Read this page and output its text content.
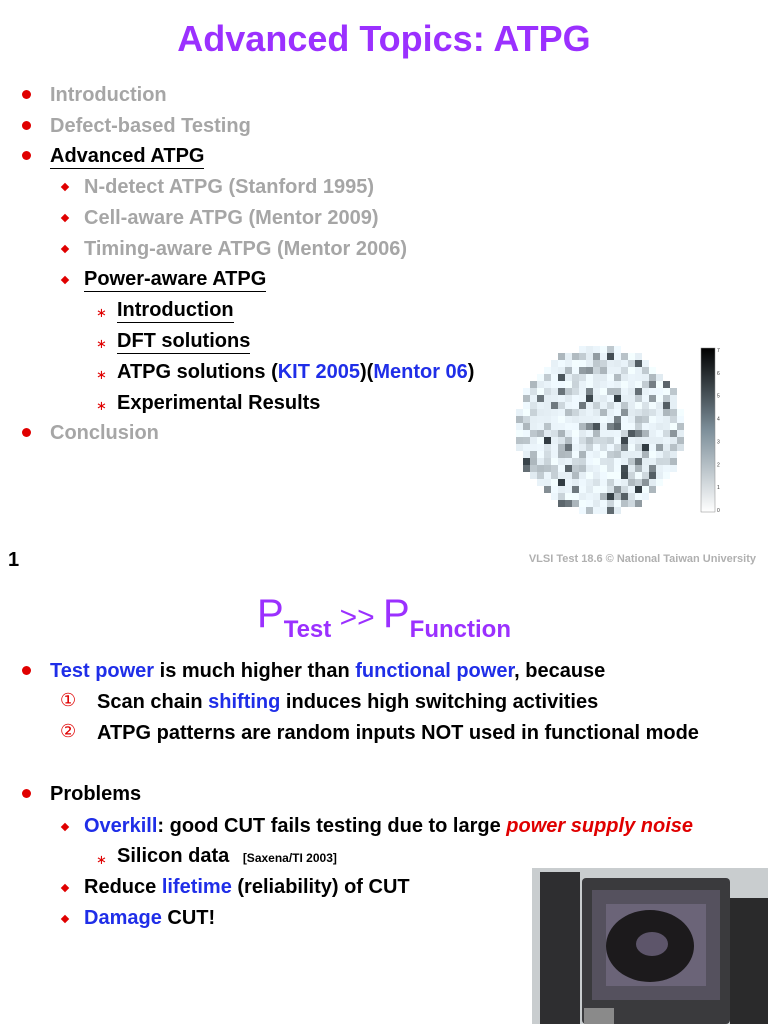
Advanced Topics: ATPG
Introduction
Defect-based Testing
Advanced ATPG
N-detect ATPG (Stanford 1995)
Cell-aware ATPG (Mentor 2009)
Timing-aware ATPG (Mentor 2006)
Power-aware ATPG
∗ Introduction
∗ DFT solutions
∗ ATPG solutions (KIT 2005)(Mentor 06)
∗ Experimental Results
Conclusion
7
6
5
4
3
2
1
0
1	VLSI Test 18.6 © National Taiwan University
$P_{Test} >> P_{Function}$
Test power is much higher than functional power, because
① Scan chain shifting induces high switching activities
② ATPG patterns are random inputs NOT used in functional mode
Problems
Overkill: good CUT fails testing due to large power supply noise
∗ Silicon data [Saxena/TI 2003]
Reduce lifetime (reliability) of CUT
Damage CUT!
